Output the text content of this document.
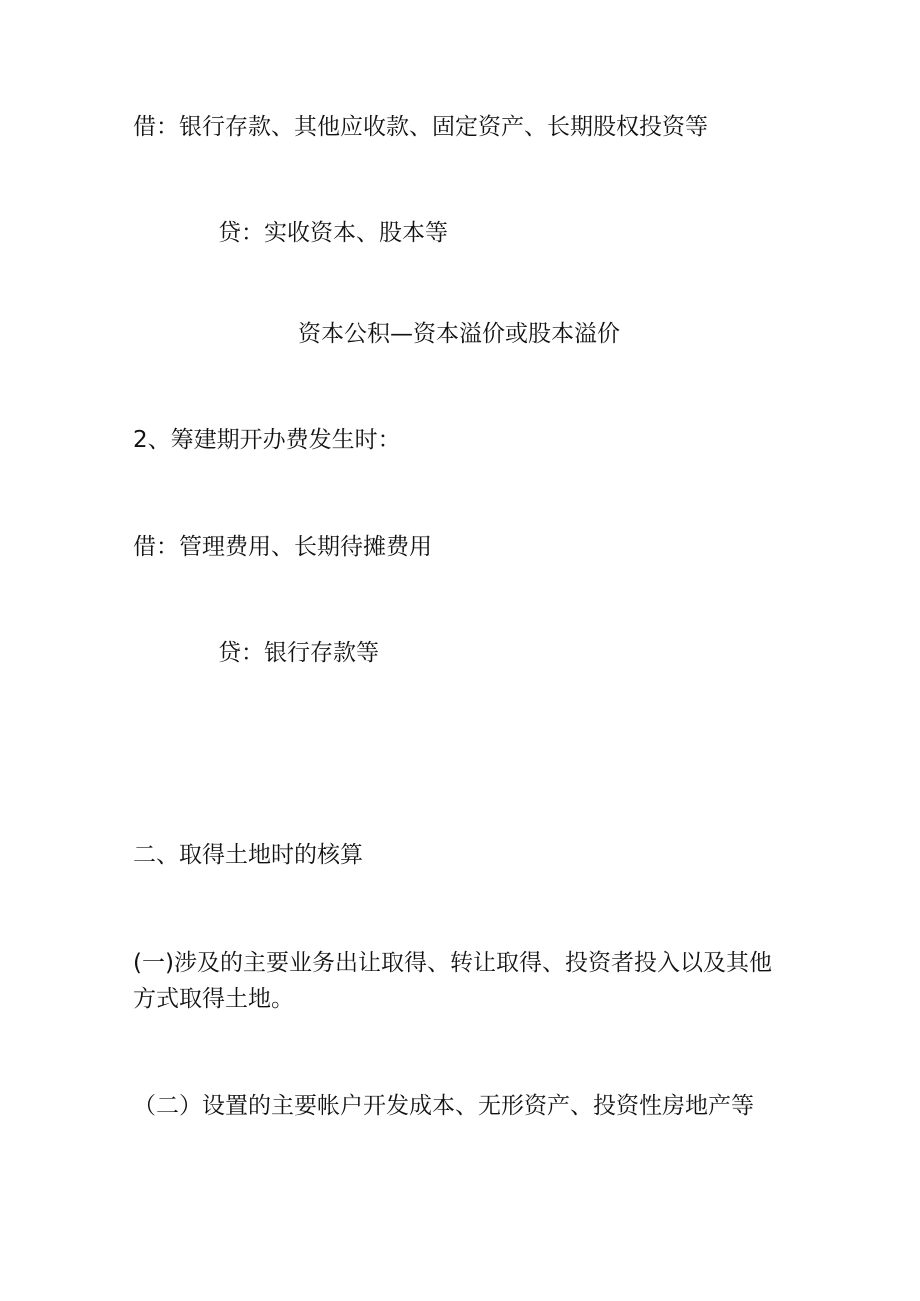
借：银行存款、其他应收款、固定资产、长期股权投资等

贷：实收资本、股本等

资本公积—资本溢价或股本溢价

2、筹建期开办费发生时：

借：管理费用、长期待摊费用

贷：银行存款等

二、取得土地时的核算

(一)涉及的主要业务出让取得、转让取得、投资者投入以及其他方式取得土地。

（二）设置的主要帐户开发成本、无形资产、投资性房地产等
